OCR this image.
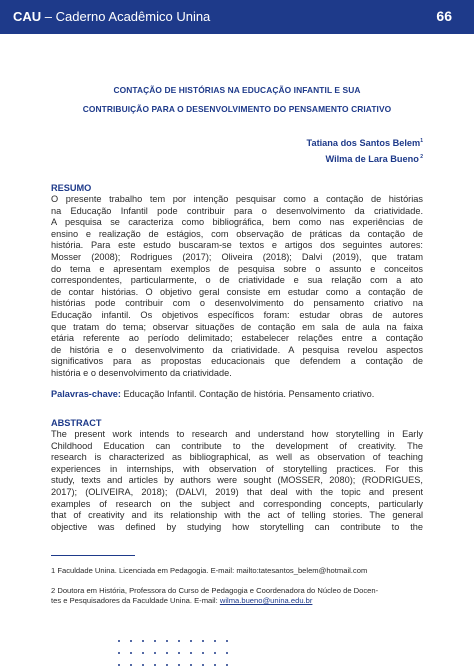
CAU – Caderno Acadêmico Unina	66
CONTAÇÃO DE HISTÓRIAS NA EDUCAÇÃO INFANTIL E SUA
CONTRIBUIÇÃO PARA O DESENVOLVIMENTO DO PENSAMENTO CRIATIVO
Tatiana dos Santos Belem$^1$
Wilma de Lara Bueno $^2$
RESUMO
O presente trabalho tem por intenção pesquisar como a contação de histórias
na Educação Infantil pode contribuir para o desenvolvimento da criatividade.
A pesquisa se caracteriza como bibliográfica, bem como nas experiências de
ensino e realização de estágios, com observação de práticas da contação de
história. Para este estudo buscaram-se textos e artigos dos seguintes autores:
Mosser (2008); Rodrigues (2017); Oliveira (2018); Dalvi (2019), que tratam
do tema e apresentam exemplos de pesquisa sobre o assunto e conceitos
correspondentes, particularmente, o de criatividade e sua relação com a ato
de contar histórias. O objetivo geral consiste em estudar como a contação de
histórias pode contribuir com o desenvolvimento do pensamento criativo na
Educação infantil. Os objetivos específicos foram: estudar obras de autores
que tratam do tema; observar situações de contação em sala de aula na faixa
etária referente ao período delimitado; estabelecer relações entre a contação
de história e o desenvolvimento da criatividade. A pesquisa revelou aspectos
significativos para as propostas educacionais que defendem a contação de
história e o desenvolvimento da criatividade.
Palavras-chave: Educação Infantil. Contação de história. Pensamento criativo.
ABSTRACT
The present work intends to research and understand how storytelling in Early
Childhood Education can contribute to the development of creativity. The
research is characterized as bibliographical, as well as observation of teaching
experiences in internships, with observation of storytelling practices. For this
study, texts and articles by authors were sought (MOSSER, 2080); (RODRIGUES,
2017); (OLIVEIRA, 2018); (DALVI, 2019) that deal with the topic and present
examples of research on the subject and corresponding concepts, particularly
that of creativity and its relationship with the act of telling stories. The general
objective was defined by studying how storytelling can contribute to the
1 Faculdade Unina. Licenciada em Pedagogia. E-mail: mailto:tatesantos_belem@hotmail.com
2 Doutora em História, Professora do Curso de Pedagogia e Coordenadora do Núcleo de Docen-
tes e Pesquisadores da Faculdade Unina. E-mail: wilma.bueno@unina.edu.br
